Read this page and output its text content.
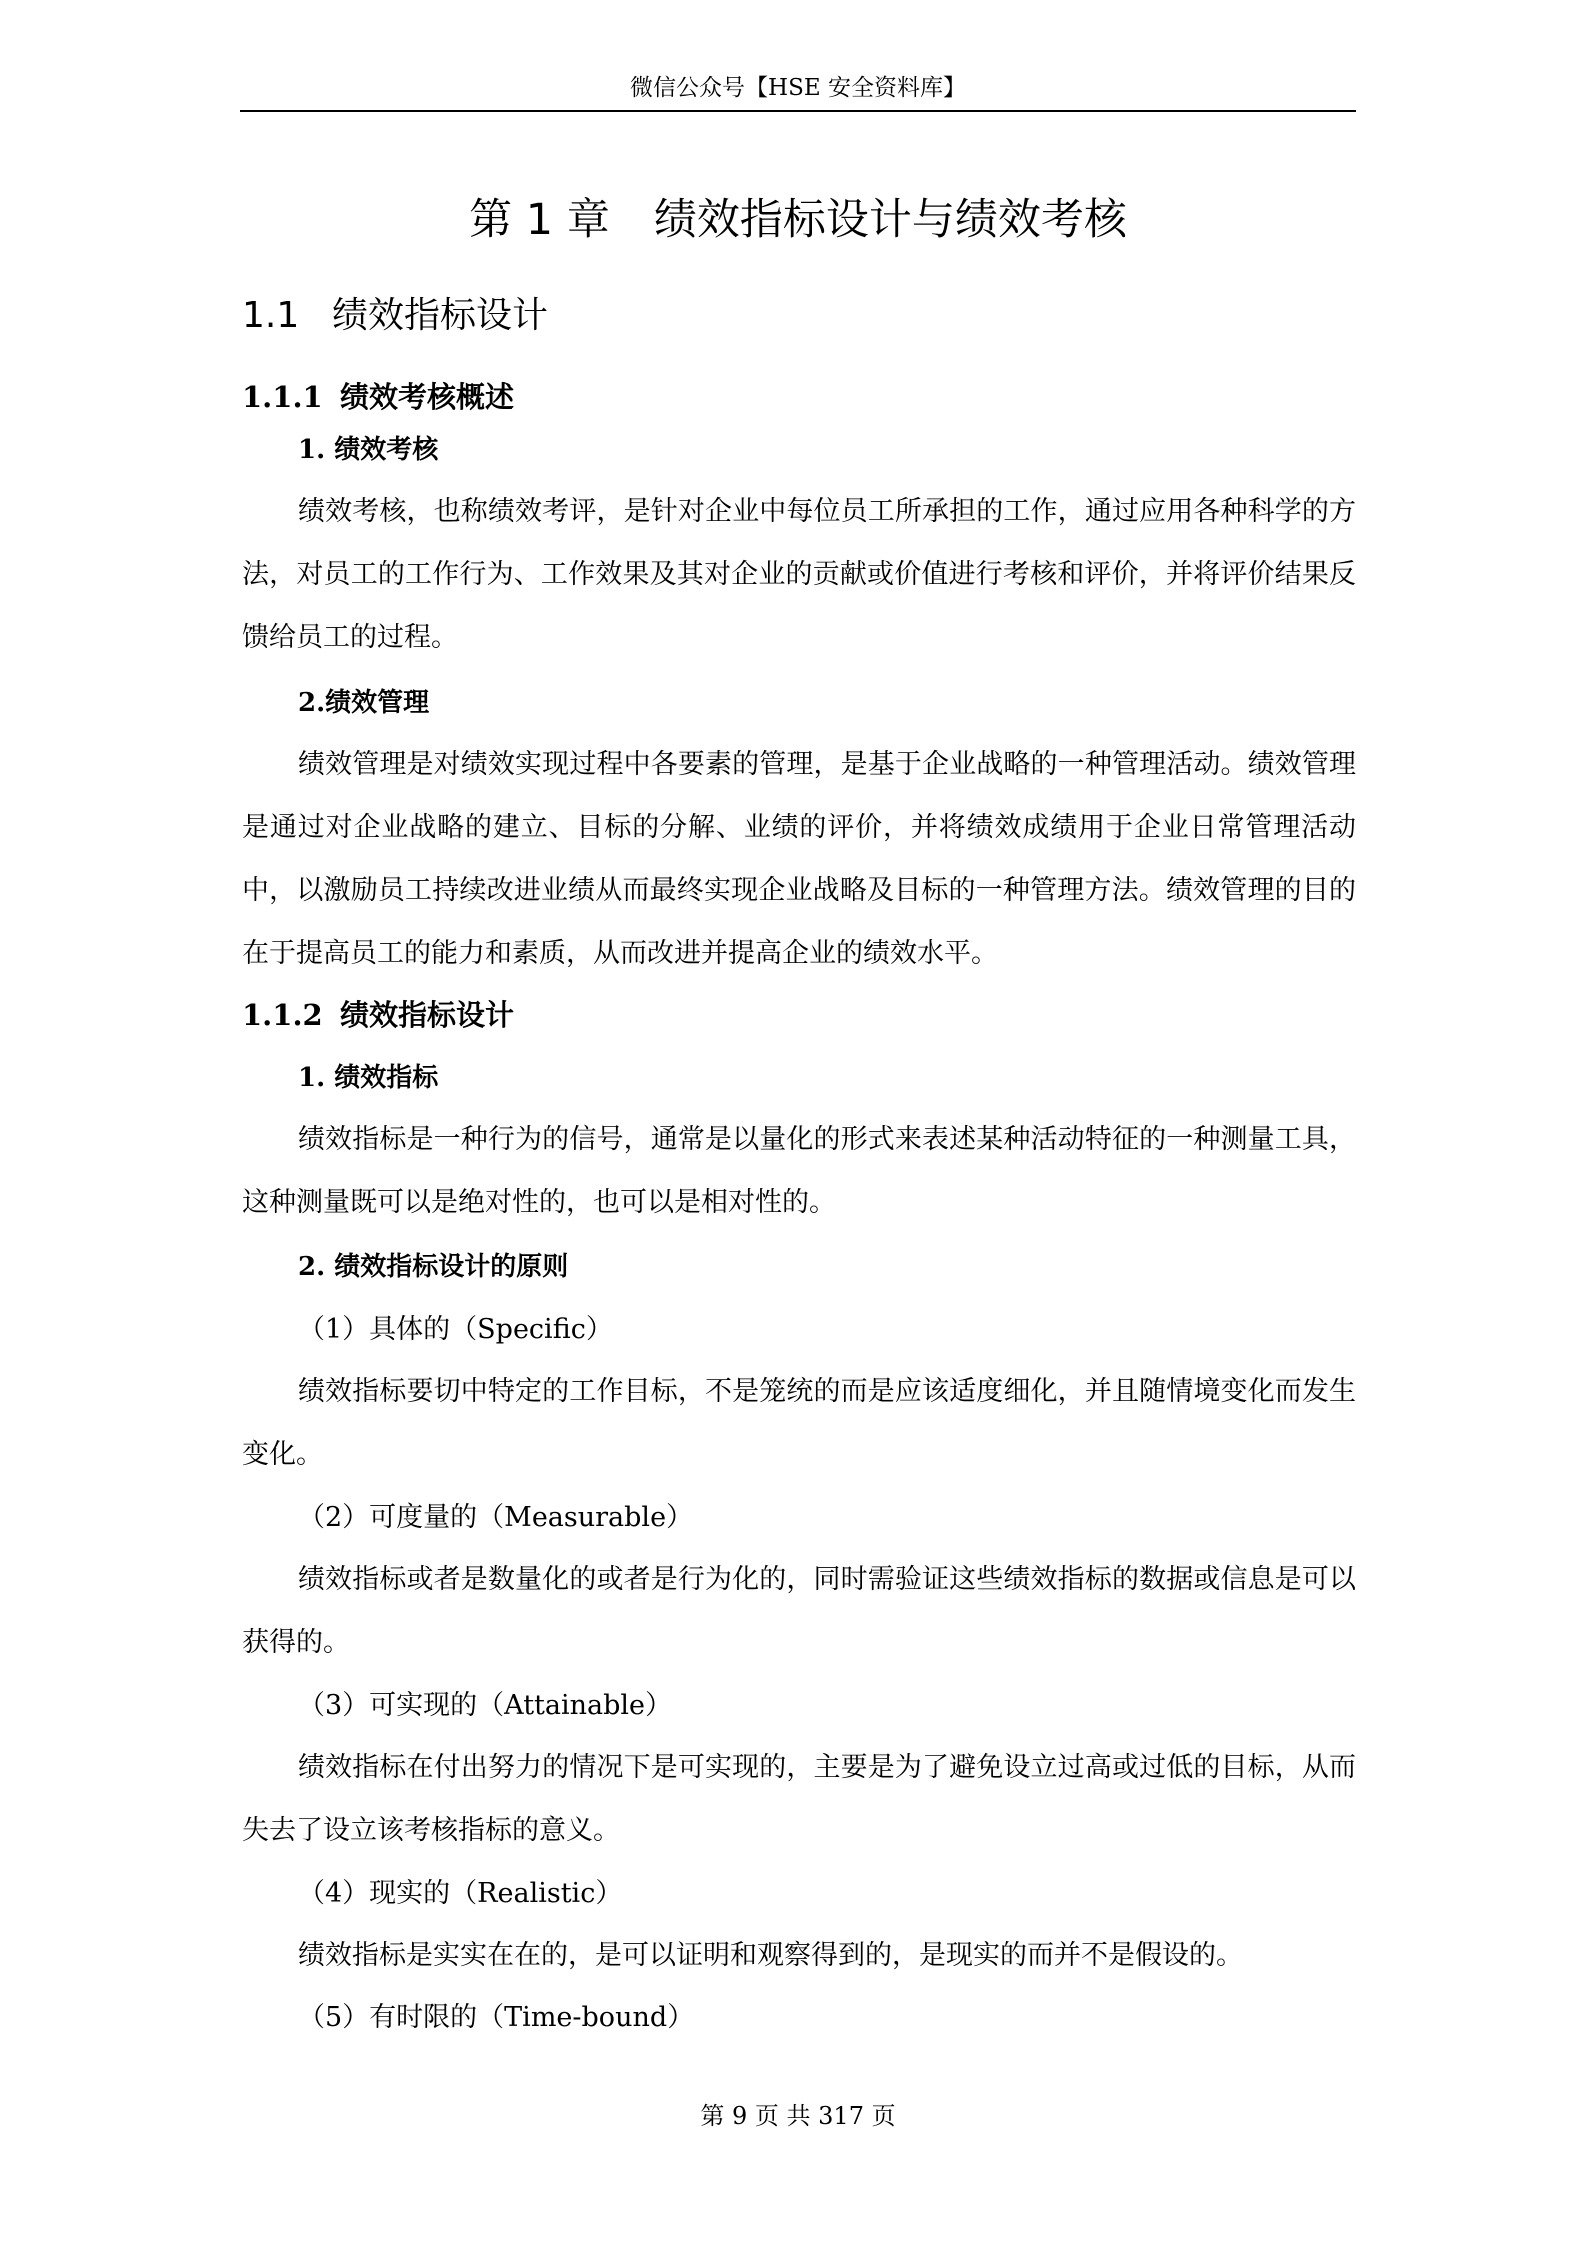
微信公众号【HSE 安全资料库】
第 1 章 绩效指标设计与绩效考核
1.1 绩效指标设计
1.1.1 绩效考核概述
1. 绩效考核

绩效考核，也称绩效考评，是针对企业中每位员工所承担的工作，通过应用各种科学的方法，对员工的工作行为、工作效果及其对企业的贡献或价值进行考核和评价，并将评价结果反馈给员工的过程。

2.绩效管理

绩效管理是对绩效实现过程中各要素的管理，是基于企业战略的一种管理活动。绩效管理是通过对企业战略的建立、目标的分解、业绩的评价，并将绩效成绩用于企业日常管理活动中，以激励员工持续改进业绩从而最终实现企业战略及目标的一种管理方法。绩效管理的目的在于提高员工的能力和素质，从而改进并提高企业的绩效水平。

1.1.2 绩效指标设计
1. 绩效指标

绩效指标是一种行为的信号，通常是以量化的形式来表述某种活动特征的一种测量工具，这种测量既可以是绝对性的，也可以是相对性的。

2. 绩效指标设计的原则
（1）具体的（Specific）

绩效指标要切中特定的工作目标，不是笼统的而是应该适度细化，并且随情境变化而发生变化。

（2）可度量的（Measurable）

绩效指标或者是数量化的或者是行为化的，同时需验证这些绩效指标的数据或信息是可以获得的。

（3）可实现的（Attainable）

绩效指标在付出努力的情况下是可实现的，主要是为了避免设立过高或过低的目标，从而失去了设立该考核指标的意义。

（4）现实的（Realistic）

绩效指标是实实在在的，是可以证明和观察得到的，是现实的而并不是假设的。

（5）有时限的（Time-bound）
第 9 页 共 317 页
